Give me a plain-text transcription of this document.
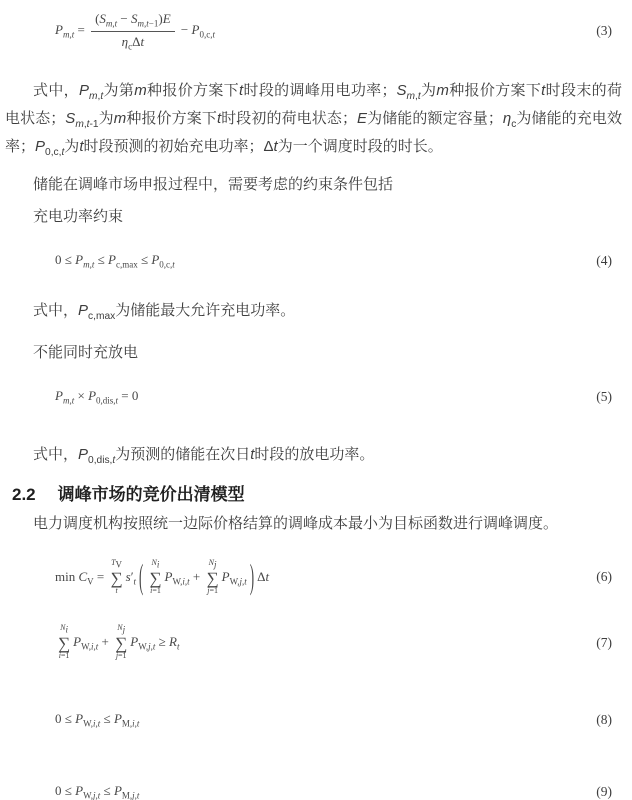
$P_{m,t}$ =
$(S_{m,t} - S_{m,t-1})E$
$\eta_c\Delta t$
− $P_{0,c,t}$	(3)

式中，$P_{m,t}$为第m种报价方案下t时段的调峰用电功率；$S_{m,t}$为m种报价方案下t时段末的荷电状态；$S_{m,t-1}$为m种报价方案下t时段初的荷电状态；E为储能的额定容量；$\eta_c$为储能的充电效率；$P_{0,c,t}$为t时段预测的初始充电功率；Δt为一个调度时段的时长。

储能在调峰市场申报过程中，需要考虑的约束条件包括

充电功率约束

$0 \le P_{m,t} \le P_{c,max} \le P_{0,c,t}$	(4)

式中，$P_{c,max}$为储能最大允许充电功率。

不能同时充放电

$P_{m,t} \times P_{0,dis,t} = 0$	(5)

式中，$P_{0,dis,t}$为预测的储能在次日t时段的放电功率。

2.2 调峰市场的竞价出清模型

电力调度机构按照统一边际价格结算的调峰成本最小为目标函数进行调峰调度。

$\min C_V$ =
$T_V$
∑
t
$s'_t$ ( $N_i$
∑
i=1
$P_{W,i,t}$ +
$N_j$
∑
j=1
$P_{W,j,t}$ ) Δt	(6)
$N_i$
∑
i=1
$P_{W,i,t}$ +
$N_j$
∑
j=1
$P_{W,j,t} \ge R_t$	(7)
$0 \le P_{W,i,t} \le P_{M,i,t}$	(8)
$0 \le P_{W,j,t} \le P_{M,j,t}$	(9)
